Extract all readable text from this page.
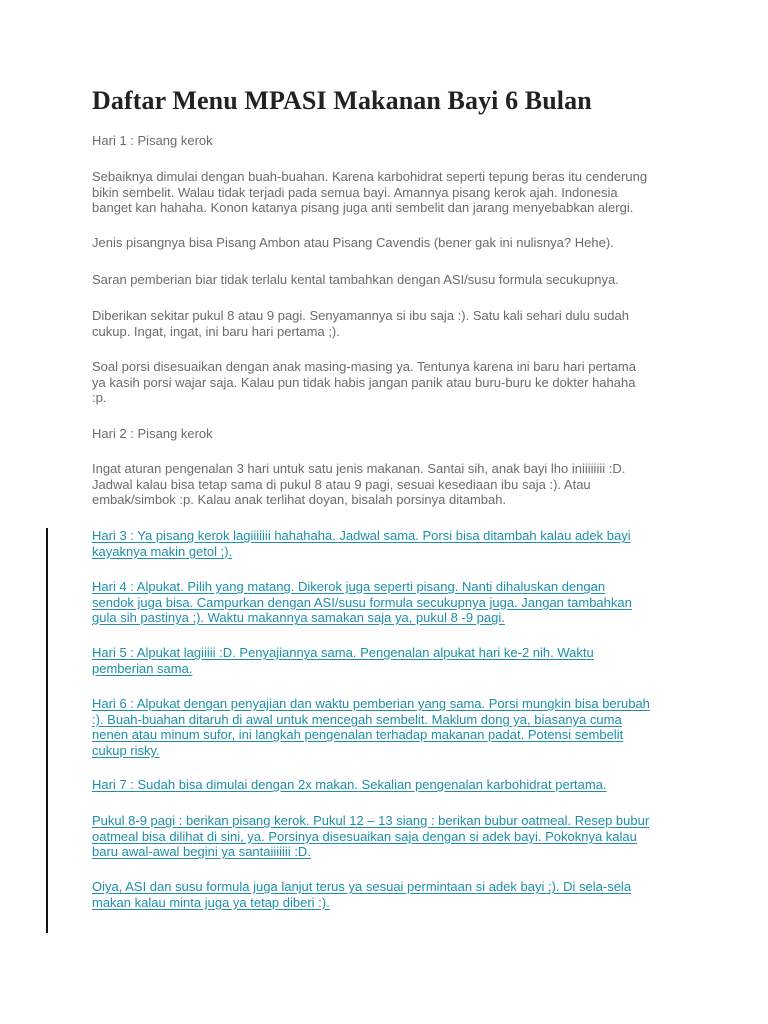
Daftar Menu MPASI Makanan Bayi 6 Bulan

Hari 1 : Pisang kerok

Sebaiknya dimulai dengan buah-buahan. Karena karbohidrat seperti tepung beras itu cenderung
bikin sembelit. Walau tidak terjadi pada semua bayi. Amannya pisang kerok ajah. Indonesia
banget kan hahaha. Konon katanya pisang juga anti sembelit dan jarang menyebabkan alergi.
Jenis pisangnya bisa Pisang Ambon atau Pisang Cavendis (bener gak ini nulisnya? Hehe).
Saran pemberian biar tidak terlalu kental tambahkan dengan ASI/susu formula secukupnya.
Diberikan sekitar pukul 8 atau 9 pagi. Senyamannya si ibu saja :). Satu kali sehari dulu sudah
cukup. Ingat, ingat, ini baru hari pertama ;).
Soal porsi disesuaikan dengan anak masing-masing ya. Tentunya karena ini baru hari pertama
ya kasih porsi wajar saja. Kalau pun tidak habis jangan panik atau buru-buru ke dokter hahaha
:p.
Hari 2 : Pisang kerok
Ingat aturan pengenalan 3 hari untuk satu jenis makanan. Santai sih, anak bayi lho iniiiiiiii :D.
Jadwal kalau bisa tetap sama di pukul 8 atau 9 pagi, sesuai kesediaan ibu saja :). Atau
embak/simbok :p. Kalau anak terlihat doyan, bisalah porsinya ditambah.
Hari 3 : Ya pisang kerok lagiiiiiii hahahaha. Jadwal sama. Porsi bisa ditambah kalau adek bayi
kayaknya makin getol ;).
Hari 4 : Alpukat. Pilih yang matang. Dikerok juga seperti pisang. Nanti dihaluskan dengan
sendok juga bisa. Campurkan dengan ASI/susu formula secukupnya juga. Jangan tambahkan
gula sih pastinya ;). Waktu makannya samakan saja ya, pukul 8 -9 pagi.
Hari 5 : Alpukat lagiiiii :D. Penyajiannya sama. Pengenalan alpukat hari ke-2 nih. Waktu
pemberian sama.
Hari 6 : Alpukat dengan penyajian dan waktu pemberian yang sama. Porsi mungkin bisa berubah
:). Buah-buahan ditaruh di awal untuk mencegah sembelit. Maklum dong ya, biasanya cuma
nenen atau minum sufor, ini langkah pengenalan terhadap makanan padat. Potensi sembelit
cukup risky.
Hari 7 : Sudah bisa dimulai dengan 2x makan. Sekalian pengenalan karbohidrat pertama.
Pukul 8-9 pagi : berikan pisang kerok. Pukul 12 – 13 siang : berikan bubur oatmeal. Resep bubur
oatmeal bisa dilihat di sini, ya. Porsinya disesuaikan saja dengan si adek bayi. Pokoknya kalau
baru awal-awal begini ya santaiiiiiii :D.
Oiya, ASI dan susu formula juga lanjut terus ya sesuai permintaan si adek bayi ;). Di sela-sela
makan kalau minta juga ya tetap diberi :).
